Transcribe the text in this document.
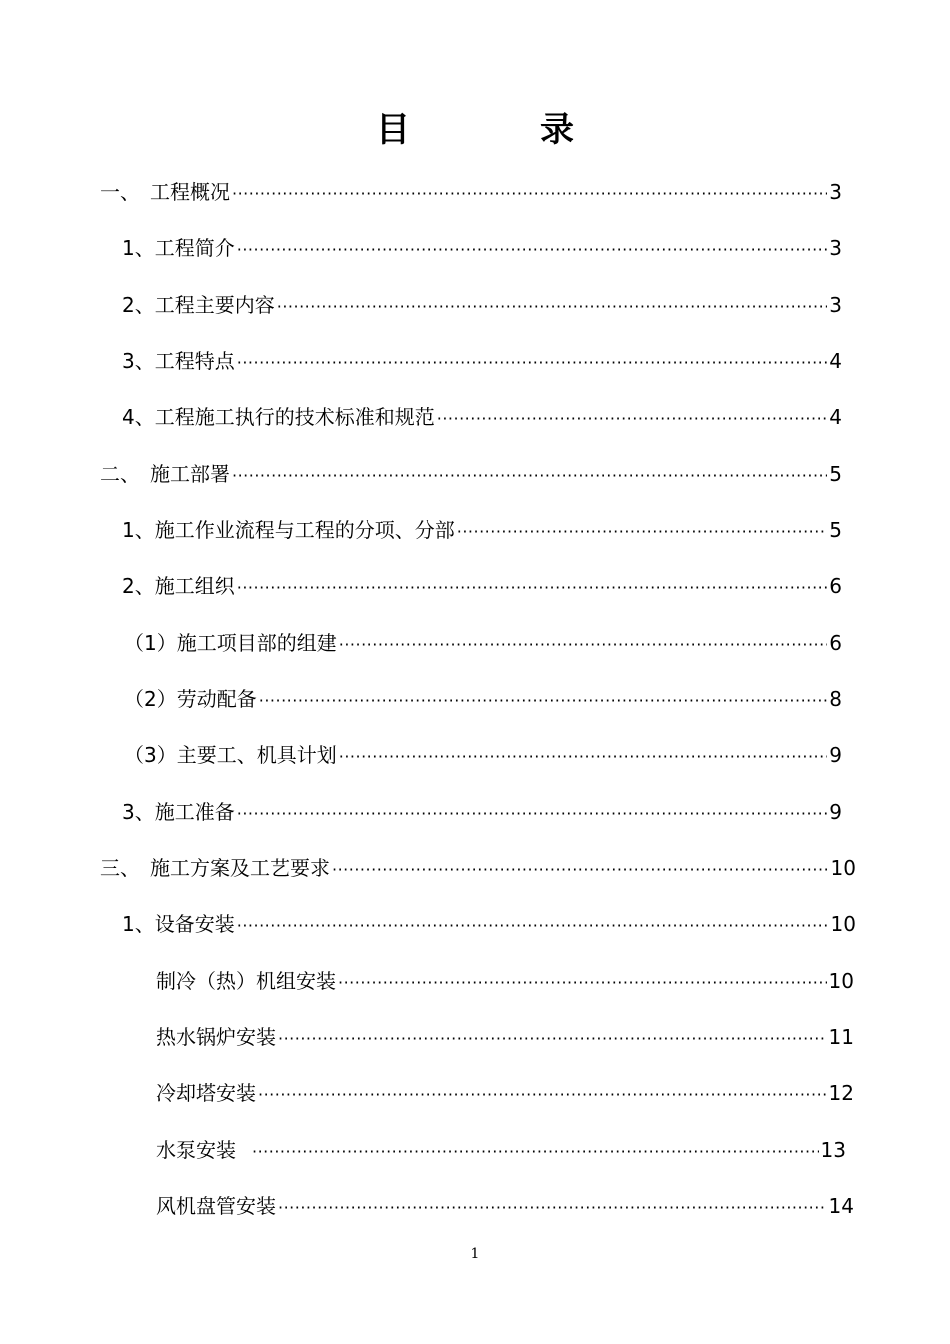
目　录
一、　工程概况 ·····	3
1、工程简介 ·····	3
2、工程主要内容 ·····	3
3、工程特点 ·····	4
4、工程施工执行的技术标准和规范 ·····	4
二、　施工部署 ·····	5
1、施工作业流程与工程的分项、分部 ·····	5
2、施工组织 ·····	6
（1）施工项目部的组建 ·····	6
（2）劳动配备 ·····	8
（3）主要工、机具计划 ·····	9
3、施工准备 ·····	9
三、　施工方案及工艺要求 ·····	10
1、设备安装 ·····	10
制冷（热）机组安装 ·····	10
热水锅炉安装 ·····	11
冷却塔安装 ·····	12
水泵安装 ·····	13
风机盘管安装 ·····	14
1
